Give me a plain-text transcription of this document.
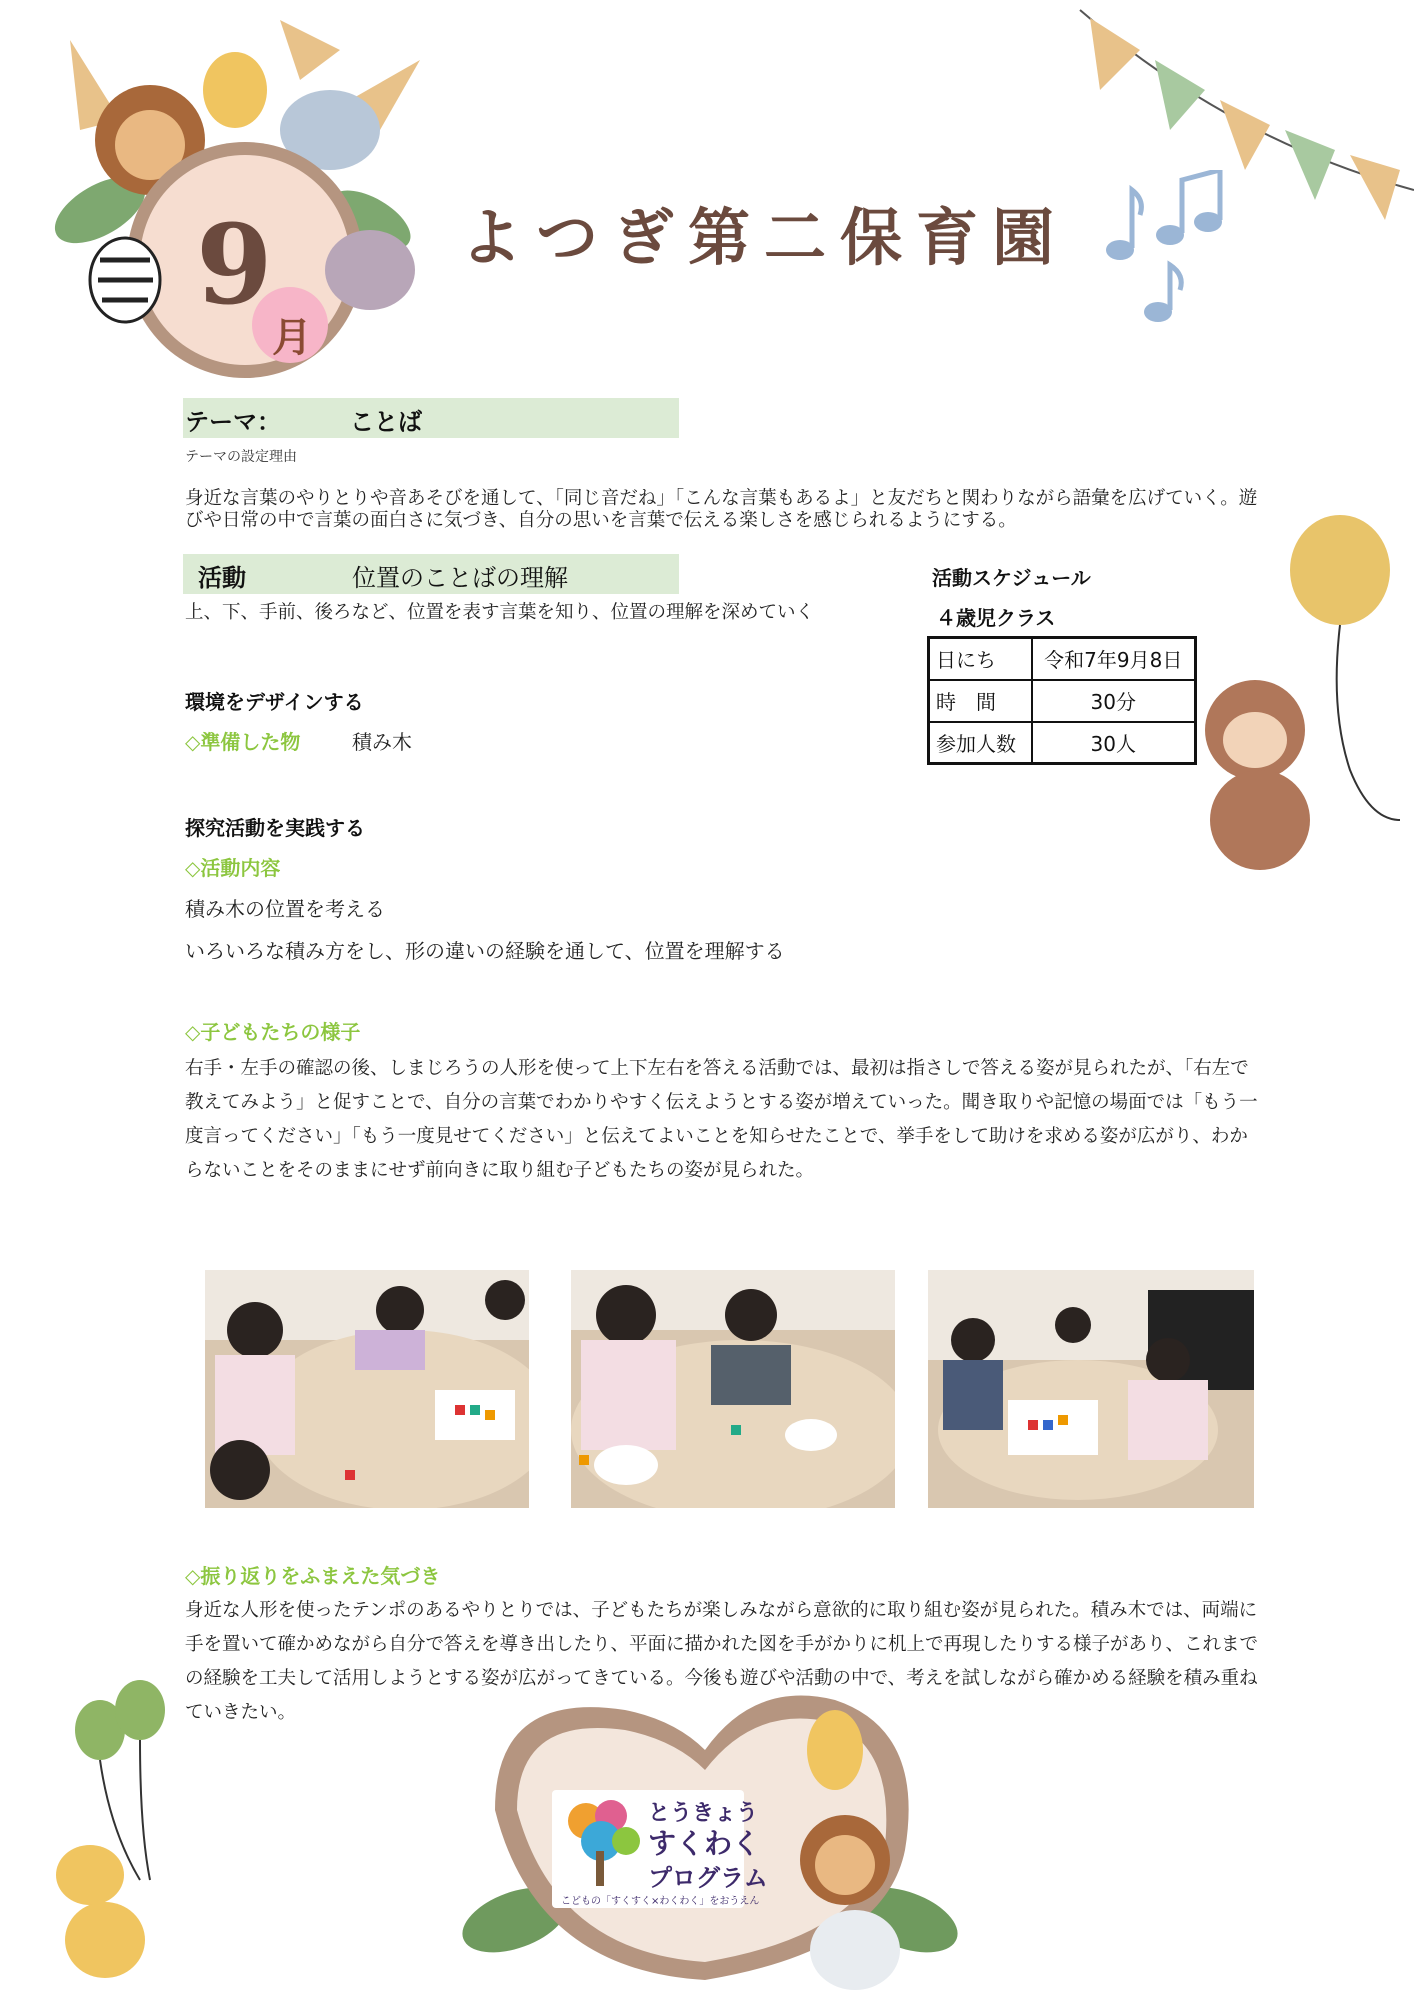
9
月
よつぎ第二保育園
テーマ：	ことば
テーマの設定理由
身近な言葉のやりとりや音あそびを通して、「同じ音だね」「こんな言葉もあるよ」と友だちと関わりながら語彙を広げていく。遊びや日常の中で言葉の面白さに気づき、自分の思いを言葉で伝える楽しさを感じられるようにする。
活動	位置のことばの理解
上、下、手前、後ろなど、位置を表す言葉を知り、位置の理解を深めていく
活動スケジュール
４歳児クラス
日にち	令和7年9月8日
時　間	30分
参加人数	30人
環境をデザインする
◇準備した物	積み木
探究活動を実践する
◇活動内容
積み木の位置を考える
いろいろな積み方をし、形の違いの経験を通して、位置を理解する
◇子どもたちの様子
右手・左手の確認の後、しまじろうの人形を使って上下左右を答える活動では、最初は指さしで答える姿が見られたが、「右左で教えてみよう」と促すことで、自分の言葉でわかりやすく伝えようとする姿が増えていった。聞き取りや記憶の場面では「もう一度言ってください」「もう一度見せてください」と伝えてよいことを知らせたことで、挙手をして助けを求める姿が広がり、わからないことをそのままにせず前向きに取り組む子どもたちの姿が見られた。
◇振り返りをふまえた気づき
身近な人形を使ったテンポのあるやりとりでは、子どもたちが楽しみながら意欲的に取り組む姿が見られた。積み木では、両端に手を置いて確かめながら自分で答えを導き出したり、平面に描かれた図を手がかりに机上で再現したりする様子があり、これまでの経験を工夫して活用しようとする姿が広がってきている。今後も遊びや活動の中で、考えを試しながら確かめる経験を積み重ねていきたい。
とうきょう
すくわく
プログラム
こどもの「すくすく×わくわく」をおうえん
